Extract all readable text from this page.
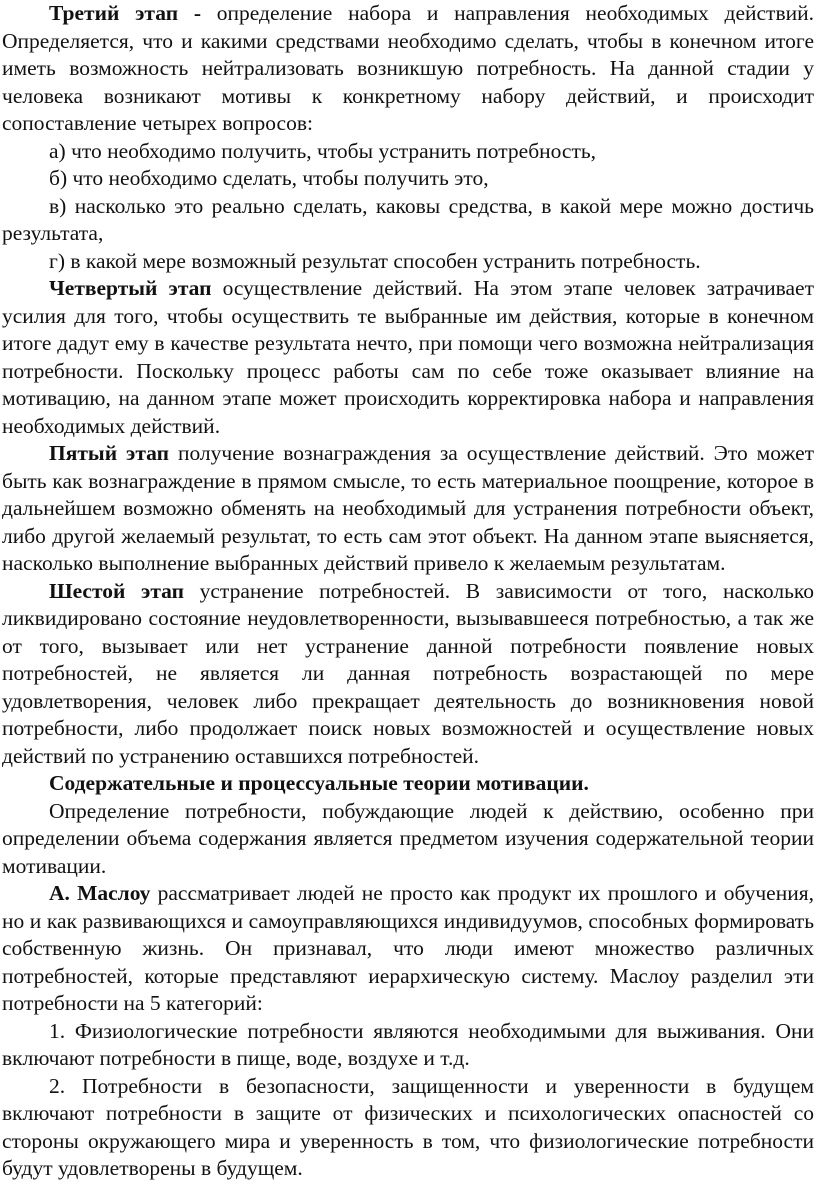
Третий этап - определение набора и направления необходимых действий. Определяется, что и какими средствами необходимо сделать, чтобы в конечном итоге иметь возможность нейтрализовать возникшую потребность. На данной стадии у человека возникают мотивы к конкретному набору действий, и происходит сопоставление четырех вопросов:

а) что необходимо получить, чтобы устранить потребность,

б) что необходимо сделать, чтобы получить это,

в) насколько это реально сделать, каковы средства, в какой мере можно достичь результата,

г) в какой мере возможный результат способен устранить потребность.

Четвертый этап осуществление действий. На этом этапе человек затрачивает усилия для того, чтобы осуществить те выбранные им действия, которые в конечном итоге дадут ему в качестве результата нечто, при помощи чего возможна нейтрализация потребности. Поскольку процесс работы сам по себе тоже оказывает влияние на мотивацию, на данном этапе может происходить корректировка набора и направления необходимых действий.

Пятый этап получение вознаграждения за осуществление действий. Это может быть как вознаграждение в прямом смысле, то есть материальное поощрение, которое в дальнейшем возможно обменять на необходимый для устранения потребности объект, либо другой желаемый результат, то есть сам этот объект. На данном этапе выясняется, насколько выполнение выбранных действий привело к желаемым результатам.

Шестой этап устранение потребностей. В зависимости от того, насколько ликвидировано состояние неудовлетворенности, вызывавшееся потребностью, а так же от того, вызывает или нет устранение данной потребности появление новых потребностей, не является ли данная потребность возрастающей по мере удовлетворения, человек либо прекращает деятельность до возникновения новой потребности, либо продолжает поиск новых возможностей и осуществление новых действий по устранению оставшихся потребностей.

Содержательные и процессуальные теории мотивации.

Определение потребности, побуждающие людей к действию, особенно при определении объема содержания является предметом изучения содержательной теории мотивации.

А. Маслоу рассматривает людей не просто как продукт их прошлого и обучения, но и как развивающихся и самоуправляющихся индивидуумов, способных формировать собственную жизнь. Он признавал, что люди имеют множество различных потребностей, которые представляют иерархическую систему. Маслоу разделил эти потребности на 5 категорий:

1. Физиологические потребности являются необходимыми для выживания. Они включают потребности в пище, воде, воздухе и т.д.

2. Потребности в безопасности, защищенности и уверенности в будущем включают потребности в защите от физических и психологических опасностей со стороны окружающего мира и уверенность в том, что физиологические потребности будут удовлетворены в будущем.
